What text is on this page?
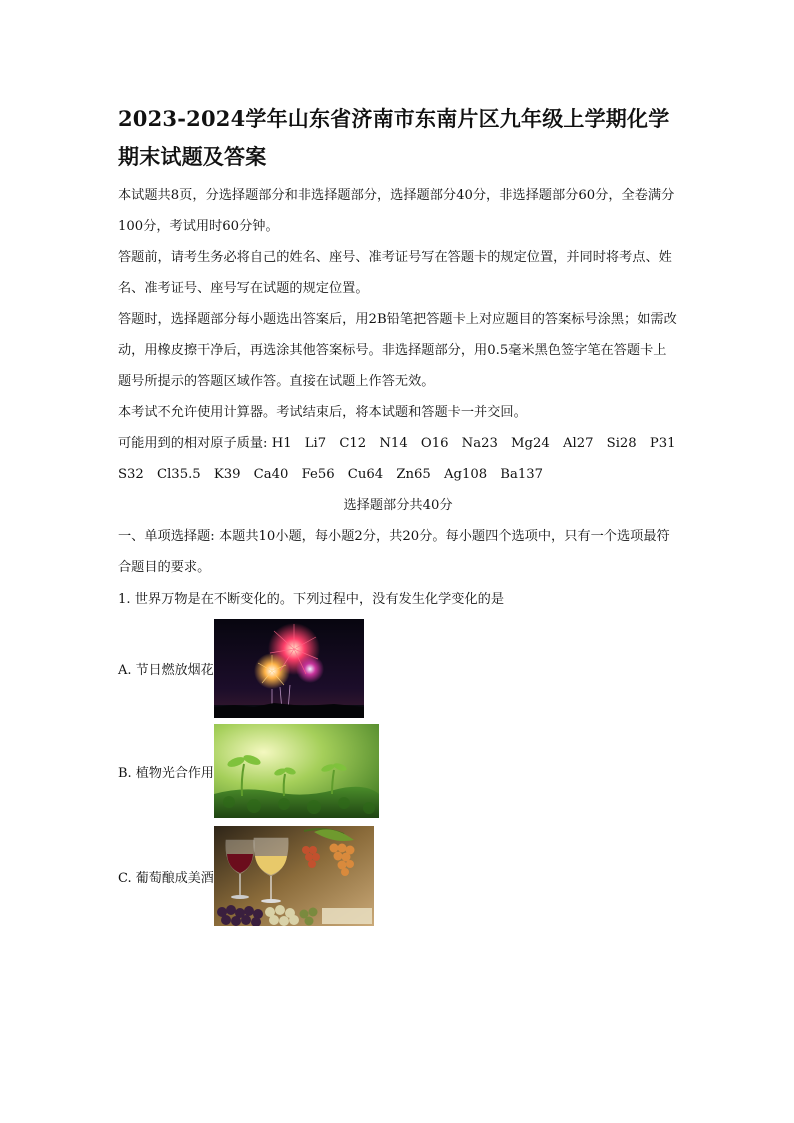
2023-2024学年山东省济南市东南片区九年级上学期化学期末试题及答案

本试题共8页，分选择题部分和非选择题部分，选择题部分40分，非选择题部分60分，全卷满分100分，考试用时60分钟。

答题前，请考生务必将自己的姓名、座号、准考证号写在答题卡的规定位置，并同时将考点、姓名、准考证号、座号写在试题的规定位置。

答题时，选择题部分每小题选出答案后，用2B铅笔把答题卡上对应题目的答案标号涂黑；如需改动，用橡皮擦干净后，再选涂其他答案标号。非选择题部分，用0.5毫米黑色签字笔在答题卡上题号所提示的答题区域作答。直接在试题上作答无效。

本考试不允许使用计算器。考试结束后，将本试题和答题卡一并交回。

可能用到的相对原子质量: H1　Li7　C12　N14　O16　Na23　Mg24　Al27　Si28　P31　S32　Cl35.5　K39　Ca40　Fe56　Cu64　Zn65　Ag108　Ba137

选择题部分共40分

一、单项选择题: 本题共10小题，每小题2分，共20分。每小题四个选项中，只有一个选项最符合题目的要求。

1. 世界万物是在不断变化的。下列过程中，没有发生化学变化的是

A. 节日燃放烟花
B. 植物光合作用
C. 葡萄酿成美酒
